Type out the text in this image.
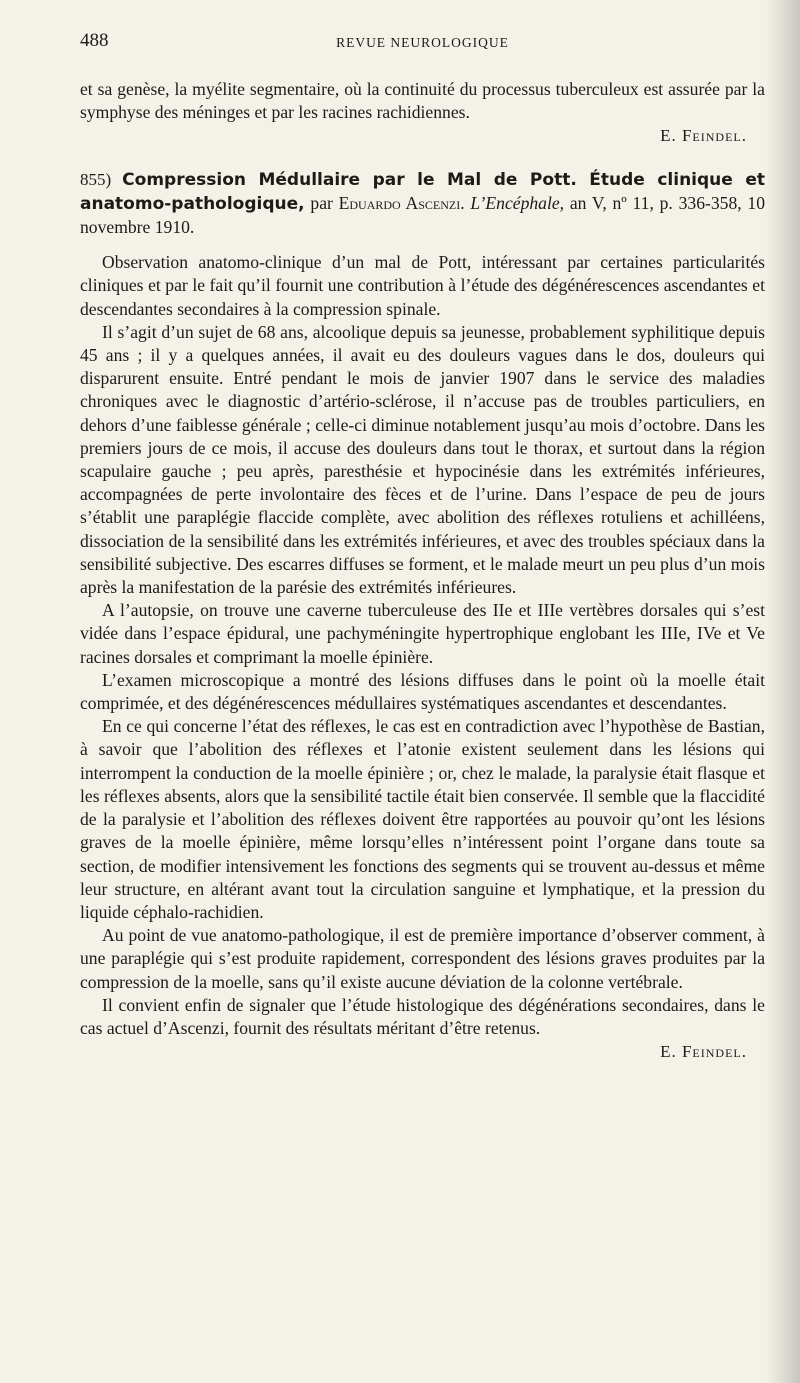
488	REVUE NEUROLOGIQUE

et sa genèse, la myélite segmentaire, où la continuité du processus tuberculeux est assurée par la symphyse des méninges et par les racines rachidiennes.

E. Feindel.

855) Compression Médullaire par le Mal de Pott. Étude clinique et anatomo-pathologique, par Eduardo Ascenzi. L’Encéphale, an V, nº 11, p. 336-358, 10 novembre 1910.

Observation anatomo-clinique d’un mal de Pott, intéressant par certaines particularités cliniques et par le fait qu’il fournit une contribution à l’étude des dégénérescences ascendantes et descendantes secondaires à la compression spinale.

Il s’agit d’un sujet de 68 ans, alcoolique depuis sa jeunesse, probablement syphilitique depuis 45 ans ; il y a quelques années, il avait eu des douleurs vagues dans le dos, douleurs qui disparurent ensuite. Entré pendant le mois de janvier 1907 dans le service des maladies chroniques avec le diagnostic d’artério-sclérose, il n’accuse pas de troubles particuliers, en dehors d’une faiblesse générale ; celle-ci diminue notablement jusqu’au mois d’octobre. Dans les premiers jours de ce mois, il accuse des douleurs dans tout le thorax, et surtout dans la région scapulaire gauche ; peu après, paresthésie et hypocinésie dans les extrémités inférieures, accompagnées de perte involontaire des fèces et de l’urine. Dans l’espace de peu de jours s’établit une paraplégie flaccide complète, avec abolition des réflexes rotuliens et achilléens, dissociation de la sensibilité dans les extrémités inférieures, et avec des troubles spéciaux dans la sensibilité subjective. Des escarres diffuses se forment, et le malade meurt un peu plus d’un mois après la manifestation de la parésie des extrémités inférieures.

A l’autopsie, on trouve une caverne tuberculeuse des IIe et IIIe vertèbres dorsales qui s’est vidée dans l’espace épidural, une pachyméningite hypertrophique englobant les IIIe, IVe et Ve racines dorsales et comprimant la moelle épinière.

L’examen microscopique a montré des lésions diffuses dans le point où la moelle était comprimée, et des dégénérescences médullaires systématiques ascendantes et descendantes.

En ce qui concerne l’état des réflexes, le cas est en contradiction avec l’hypothèse de Bastian, à savoir que l’abolition des réflexes et l’atonie existent seulement dans les lésions qui interrompent la conduction de la moelle épinière ; or, chez le malade, la paralysie était flasque et les réflexes absents, alors que la sensibilité tactile était bien conservée. Il semble que la flaccidité de la paralysie et l’abolition des réflexes doivent être rapportées au pouvoir qu’ont les lésions graves de la moelle épinière, même lorsqu’elles n’intéressent point l’organe dans toute sa section, de modifier intensivement les fonctions des segments qui se trouvent au-dessus et même leur structure, en altérant avant tout la circulation sanguine et lymphatique, et la pression du liquide céphalo-rachidien.

Au point de vue anatomo-pathologique, il est de première importance d’observer comment, à une paraplégie qui s’est produite rapidement, correspondent des lésions graves produites par la compression de la moelle, sans qu’il existe aucune déviation de la colonne vertébrale.

Il convient enfin de signaler que l’étude histologique des dégénérations secondaires, dans le cas actuel d’Ascenzi, fournit des résultats méritant d’être retenus.

E. Feindel.
